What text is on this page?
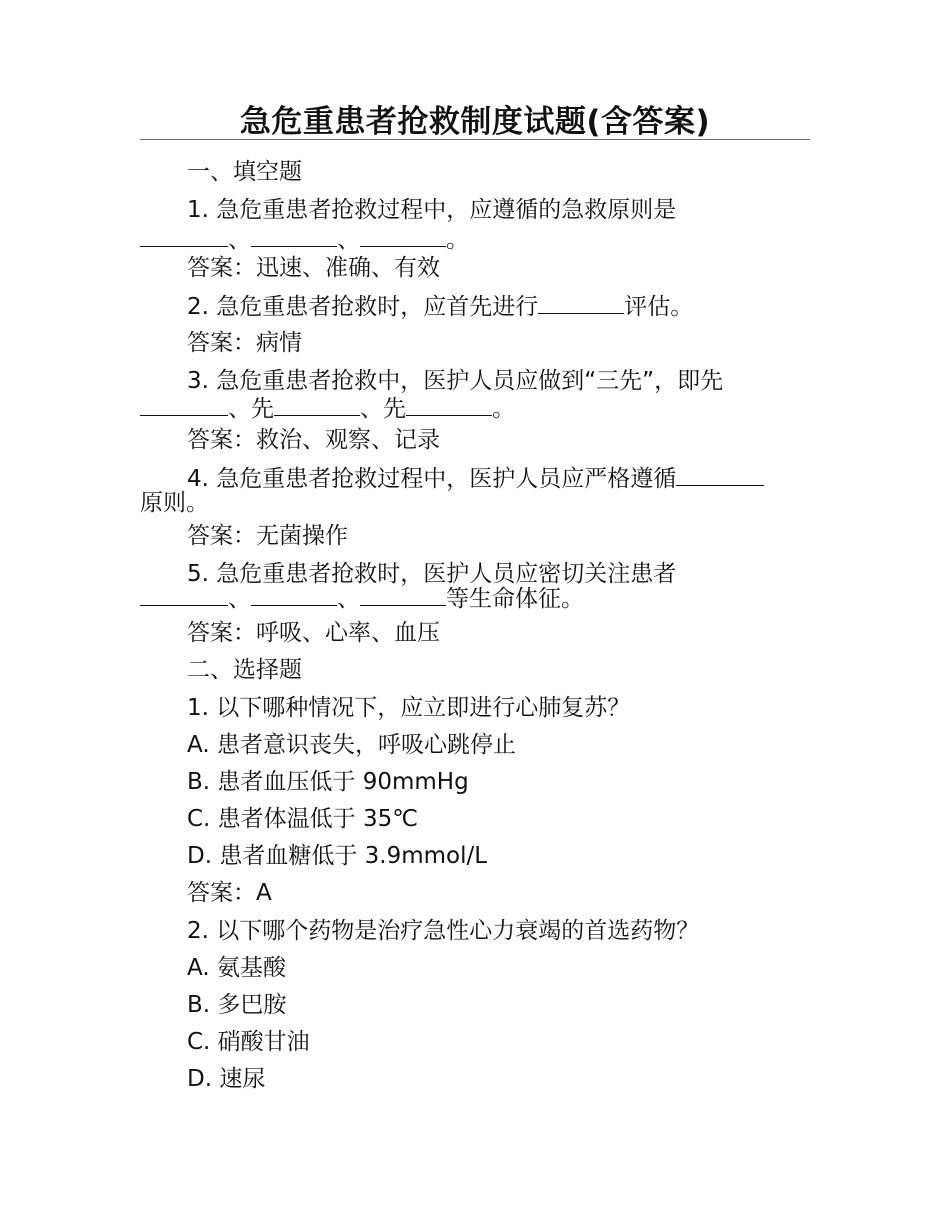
急危重患者抢救制度试题(含答案)

一、填空题

1. 急危重患者抢救过程中，应遵循的急救原则是

、	、	。

答案：迅速、准确、有效

2. 急危重患者抢救时，应首先进行	评估。

答案：病情

3. 急危重患者抢救中，医护人员应做到“三先”，即先

、先	、先	。

答案：救治、观察、记录

4. 急危重患者抢救过程中，医护人员应严格遵循

原则。

答案：无菌操作

5. 急危重患者抢救时，医护人员应密切关注患者

、	、	等生命体征。

答案：呼吸、心率、血压

二、选择题

1. 以下哪种情况下，应立即进行心肺复苏？

A. 患者意识丧失，呼吸心跳停止

B. 患者血压低于 90mmHg

C. 患者体温低于 35℃

D. 患者血糖低于 3.9mmol/L

答案：A

2. 以下哪个药物是治疗急性心力衰竭的首选药物？

A. 氨基酸

B. 多巴胺

C. 硝酸甘油

D. 速尿
